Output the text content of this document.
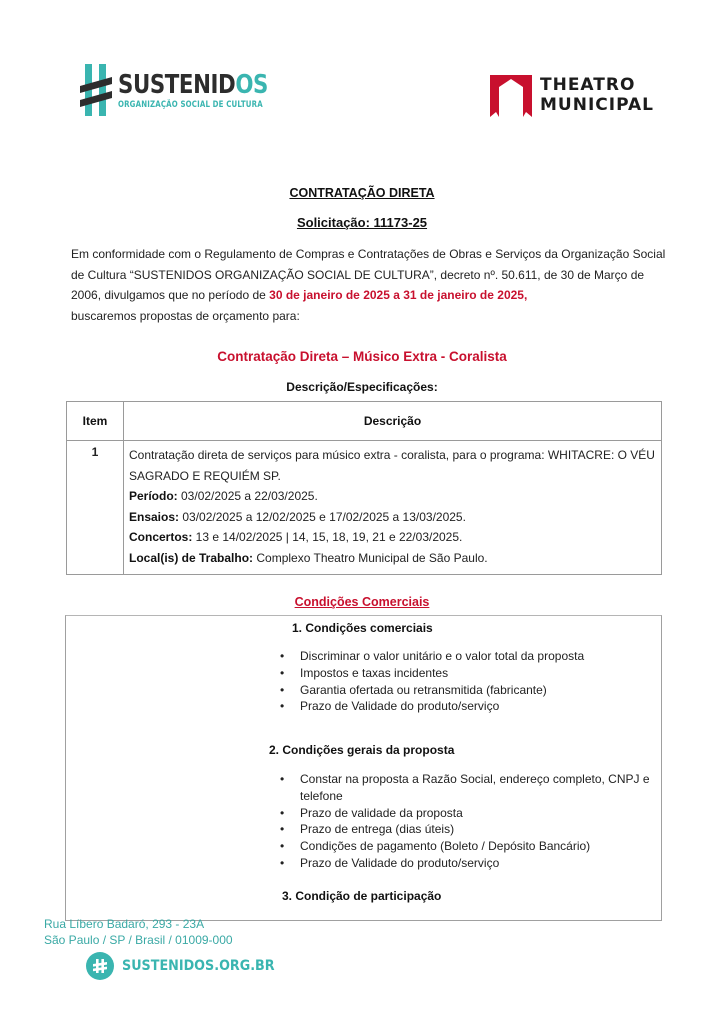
SUSTENIDOS
ORGANIZAÇÃO SOCIAL DE CULTURA
THEATRO
MUNICIPAL
CONTRATAÇÃO DIRETA
Solicitação: 11173-25
Em conformidade com o Regulamento de Compras e Contratações de Obras e Serviços da Organização Social de Cultura “SUSTENIDOS ORGANIZAÇÃO SOCIAL DE CULTURA”, decreto nº. 50.611, de 30 de Março de 2006, divulgamos que no período de 30 de janeiro de 2025 a 31 de janeiro de 2025,
buscaremos propostas de orçamento para:
Contratação Direta – Músico Extra - Coralista
Descrição/Especificações:
Item	Descrição
1	Contratação direta de serviços para músico extra - coralista, para o programa: WHITACRE: O VÉU SAGRADO E REQUIÉM SP.
Período: 03/02/2025 a 22/03/2025.
Ensaios: 03/02/2025 a 12/02/2025 e 17/02/2025 a 13/03/2025.
Concertos: 13 e 14/02/2025 | 14, 15, 18, 19, 21 e 22/03/2025.
Local(is) de Trabalho: Complexo Theatro Municipal de São Paulo.
Condições Comerciais
1. Condições comerciais
• Discriminar o valor unitário e o valor total da proposta
• Impostos e taxas incidentes
• Garantia ofertada ou retransmitida (fabricante)
• Prazo de Validade do produto/serviço
2. Condições gerais da proposta
• Constar na proposta a Razão Social, endereço completo, CNPJ e telefone
• Prazo de validade da proposta
• Prazo de entrega (dias úteis)
• Condições de pagamento (Boleto / Depósito Bancário)
• Prazo de Validade do produto/serviço
3. Condição de participação
Rua Líbero Badaró, 293 - 23A
São Paulo / SP / Brasil / 01009-000
SUSTENIDOS.ORG.BR
